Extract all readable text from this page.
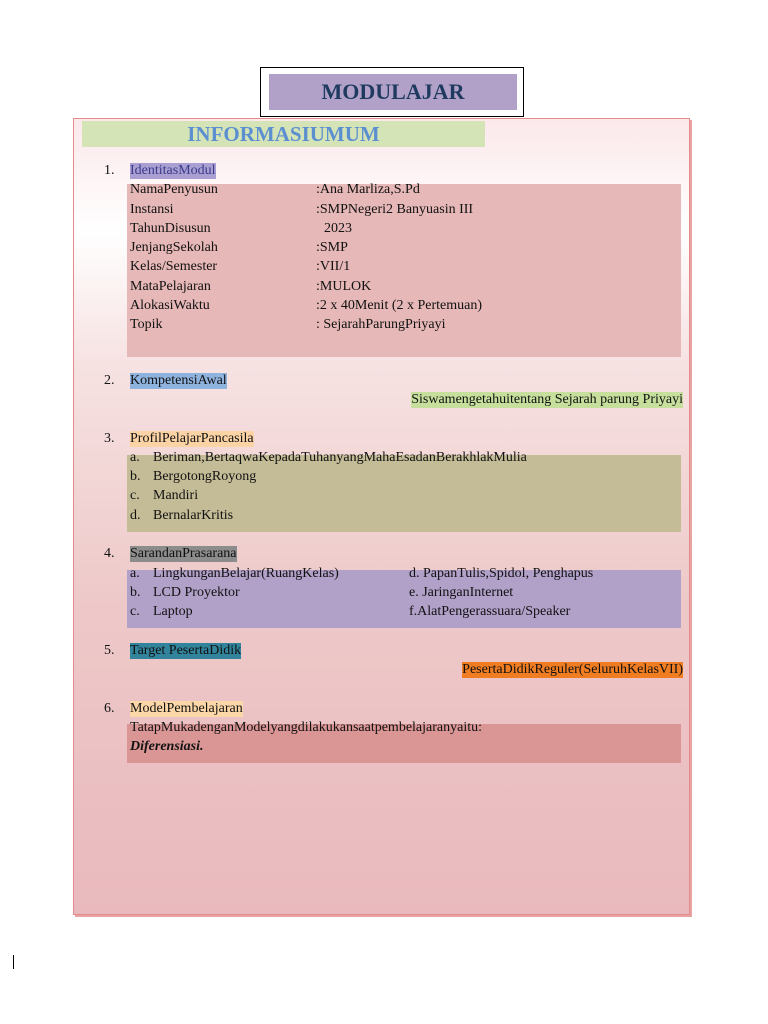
MODULAJAR
INFORMASIUMUM
1. IdentitasModul
NamaPenyusun	:Ana Marliza,S.Pd
Instansi	:SMPNegeri2 Banyuasin III
TahunDisusun	2023
JenjangSekolah	:SMP
Kelas/Semester	:VII/1
MataPelajaran	:MULOK
AlokasiWaktu	:2 x 40Menit (2 x Pertemuan)
Topik	: SejarahParungPriyayi
2. KompetensiAwal
Siswamengetahuitentang Sejarah parung Priyayi
3. ProfilPelajarPancasila
a. Beriman,BertaqwaKepadaTuhanyangMahaEsadanBerakhlakMulia
b. BergotongRoyong
c. Mandiri
d. BernalarKritis
4. SarandanPrasarana
a. LingkunganBelajar(RuangKelas)
b. LCD Proyektor
c. Laptop
d. PapanTulis,Spidol, Penghapus
e. JaringanInternet
f.AlatPengerassuara/Speaker
5. Target PesertaDidik
PesertaDidikReguler(SeluruhKelasVII)
6. ModelPembelajaran
TatapMukadenganModelyangdilakukansaatpembelajaranyaitu:
Diferensiasi.
